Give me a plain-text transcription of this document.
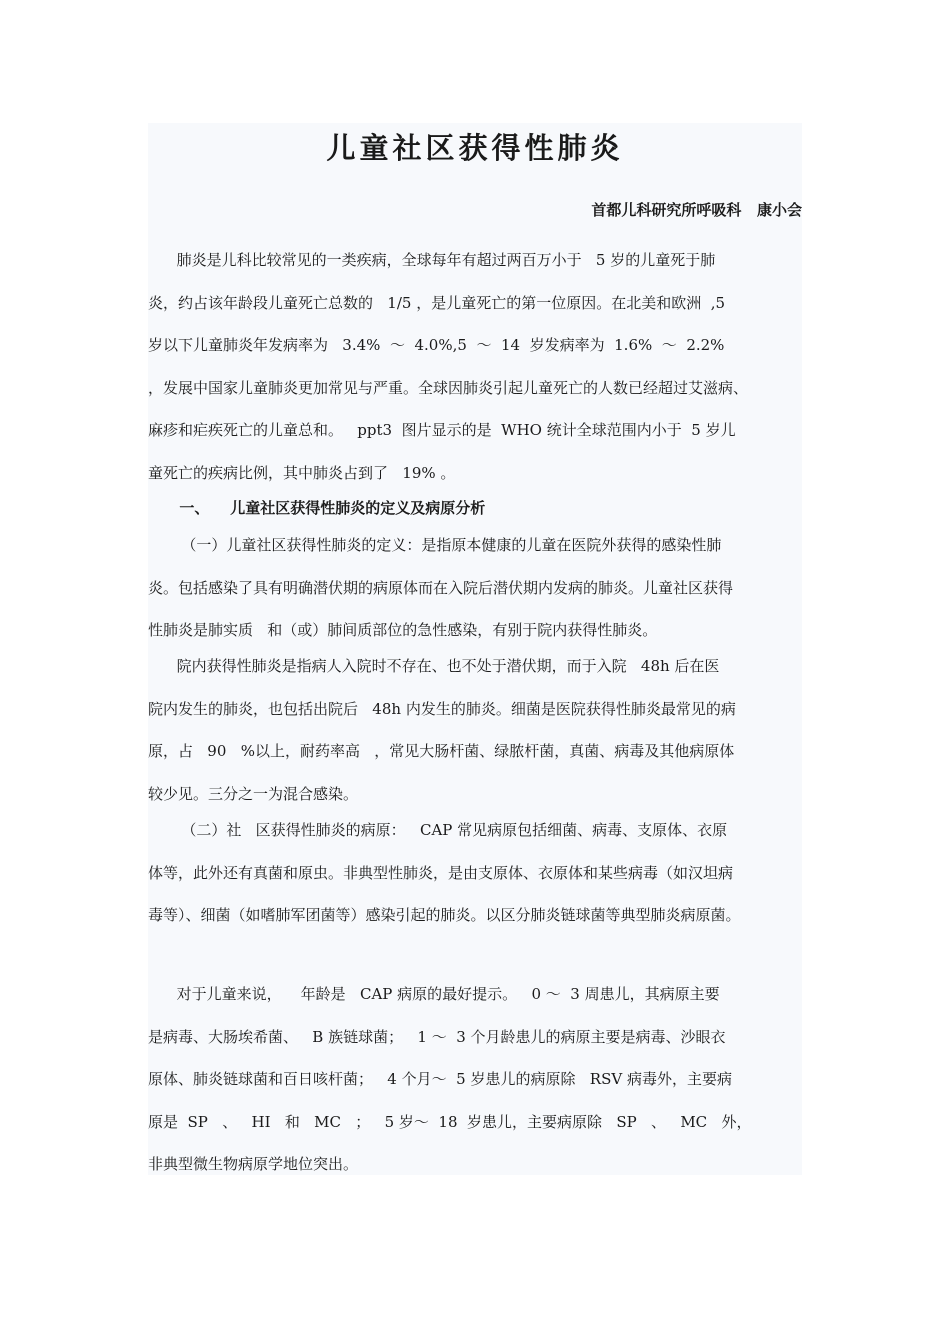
儿童社区获得性肺炎
首都儿科研究所呼吸科   康小会
肺炎是儿科比较常见的一类疾病，全球每年有超过两百万小于   5 岁的儿童死于肺
炎，约占该年龄段儿童死亡总数的   1/5 ，是儿童死亡的第一位原因。在北美和欧洲  ,5
岁以下儿童肺炎年发病率为   3.4%  ～  4.0%,5  ～  14  岁发病率为  1.6%  ～  2.2%
，发展中国家儿童肺炎更加常见与严重。全球因肺炎引起儿童死亡的人数已经超过艾滋病、
麻疹和疟疾死亡的儿童总和。   ppt3  图片显示的是  WHO 统计全球范围内小于  5 岁儿
童死亡的疾病比例，其中肺炎占到了   19% 。
一、    儿童社区获得性肺炎的定义及病原分析
（一）儿童社区获得性肺炎的定义：是指原本健康的儿童在医院外获得的感染性肺
炎。包括感染了具有明确潜伏期的病原体而在入院后潜伏期内发病的肺炎。儿童社区获得
性肺炎是肺实质   和（或）肺间质部位的急性感染，有别于院内获得性肺炎。
院内获得性肺炎是指病人入院时不存在、也不处于潜伏期，而于入院   48h 后在医
院内发生的肺炎，也包括出院后   48h 内发生的肺炎。细菌是医院获得性肺炎最常见的病
原，占   90   %以上，耐药率高   ，常见大肠杆菌、绿脓杆菌，真菌、病毒及其他病原体
较少见。三分之一为混合感染。
（二）社   区获得性肺炎的病原：   CAP 常见病原包括细菌、病毒、支原体、衣原
体等，此外还有真菌和原虫。非典型性肺炎，是由支原体、衣原体和某些病毒（如汉坦病
毒等）、细菌（如嗜肺军团菌等）感染引起的肺炎。以区分肺炎链球菌等典型肺炎病原菌。
对于儿童来说，    年龄是   CAP 病原的最好提示。   0 ～  3 周患儿，其病原主要
是病毒、大肠埃希菌、   B 族链球菌；   1 ～  3 个月龄患儿的病原主要是病毒、沙眼衣
原体、肺炎链球菌和百日咳杆菌；   4 个月～  5 岁患儿的病原除   RSV 病毒外，主要病
原是  SP   、   HI   和   MC   ；   5 岁～  18  岁患儿，主要病原除   SP   、   MC   外，
非典型微生物病原学地位突出。
